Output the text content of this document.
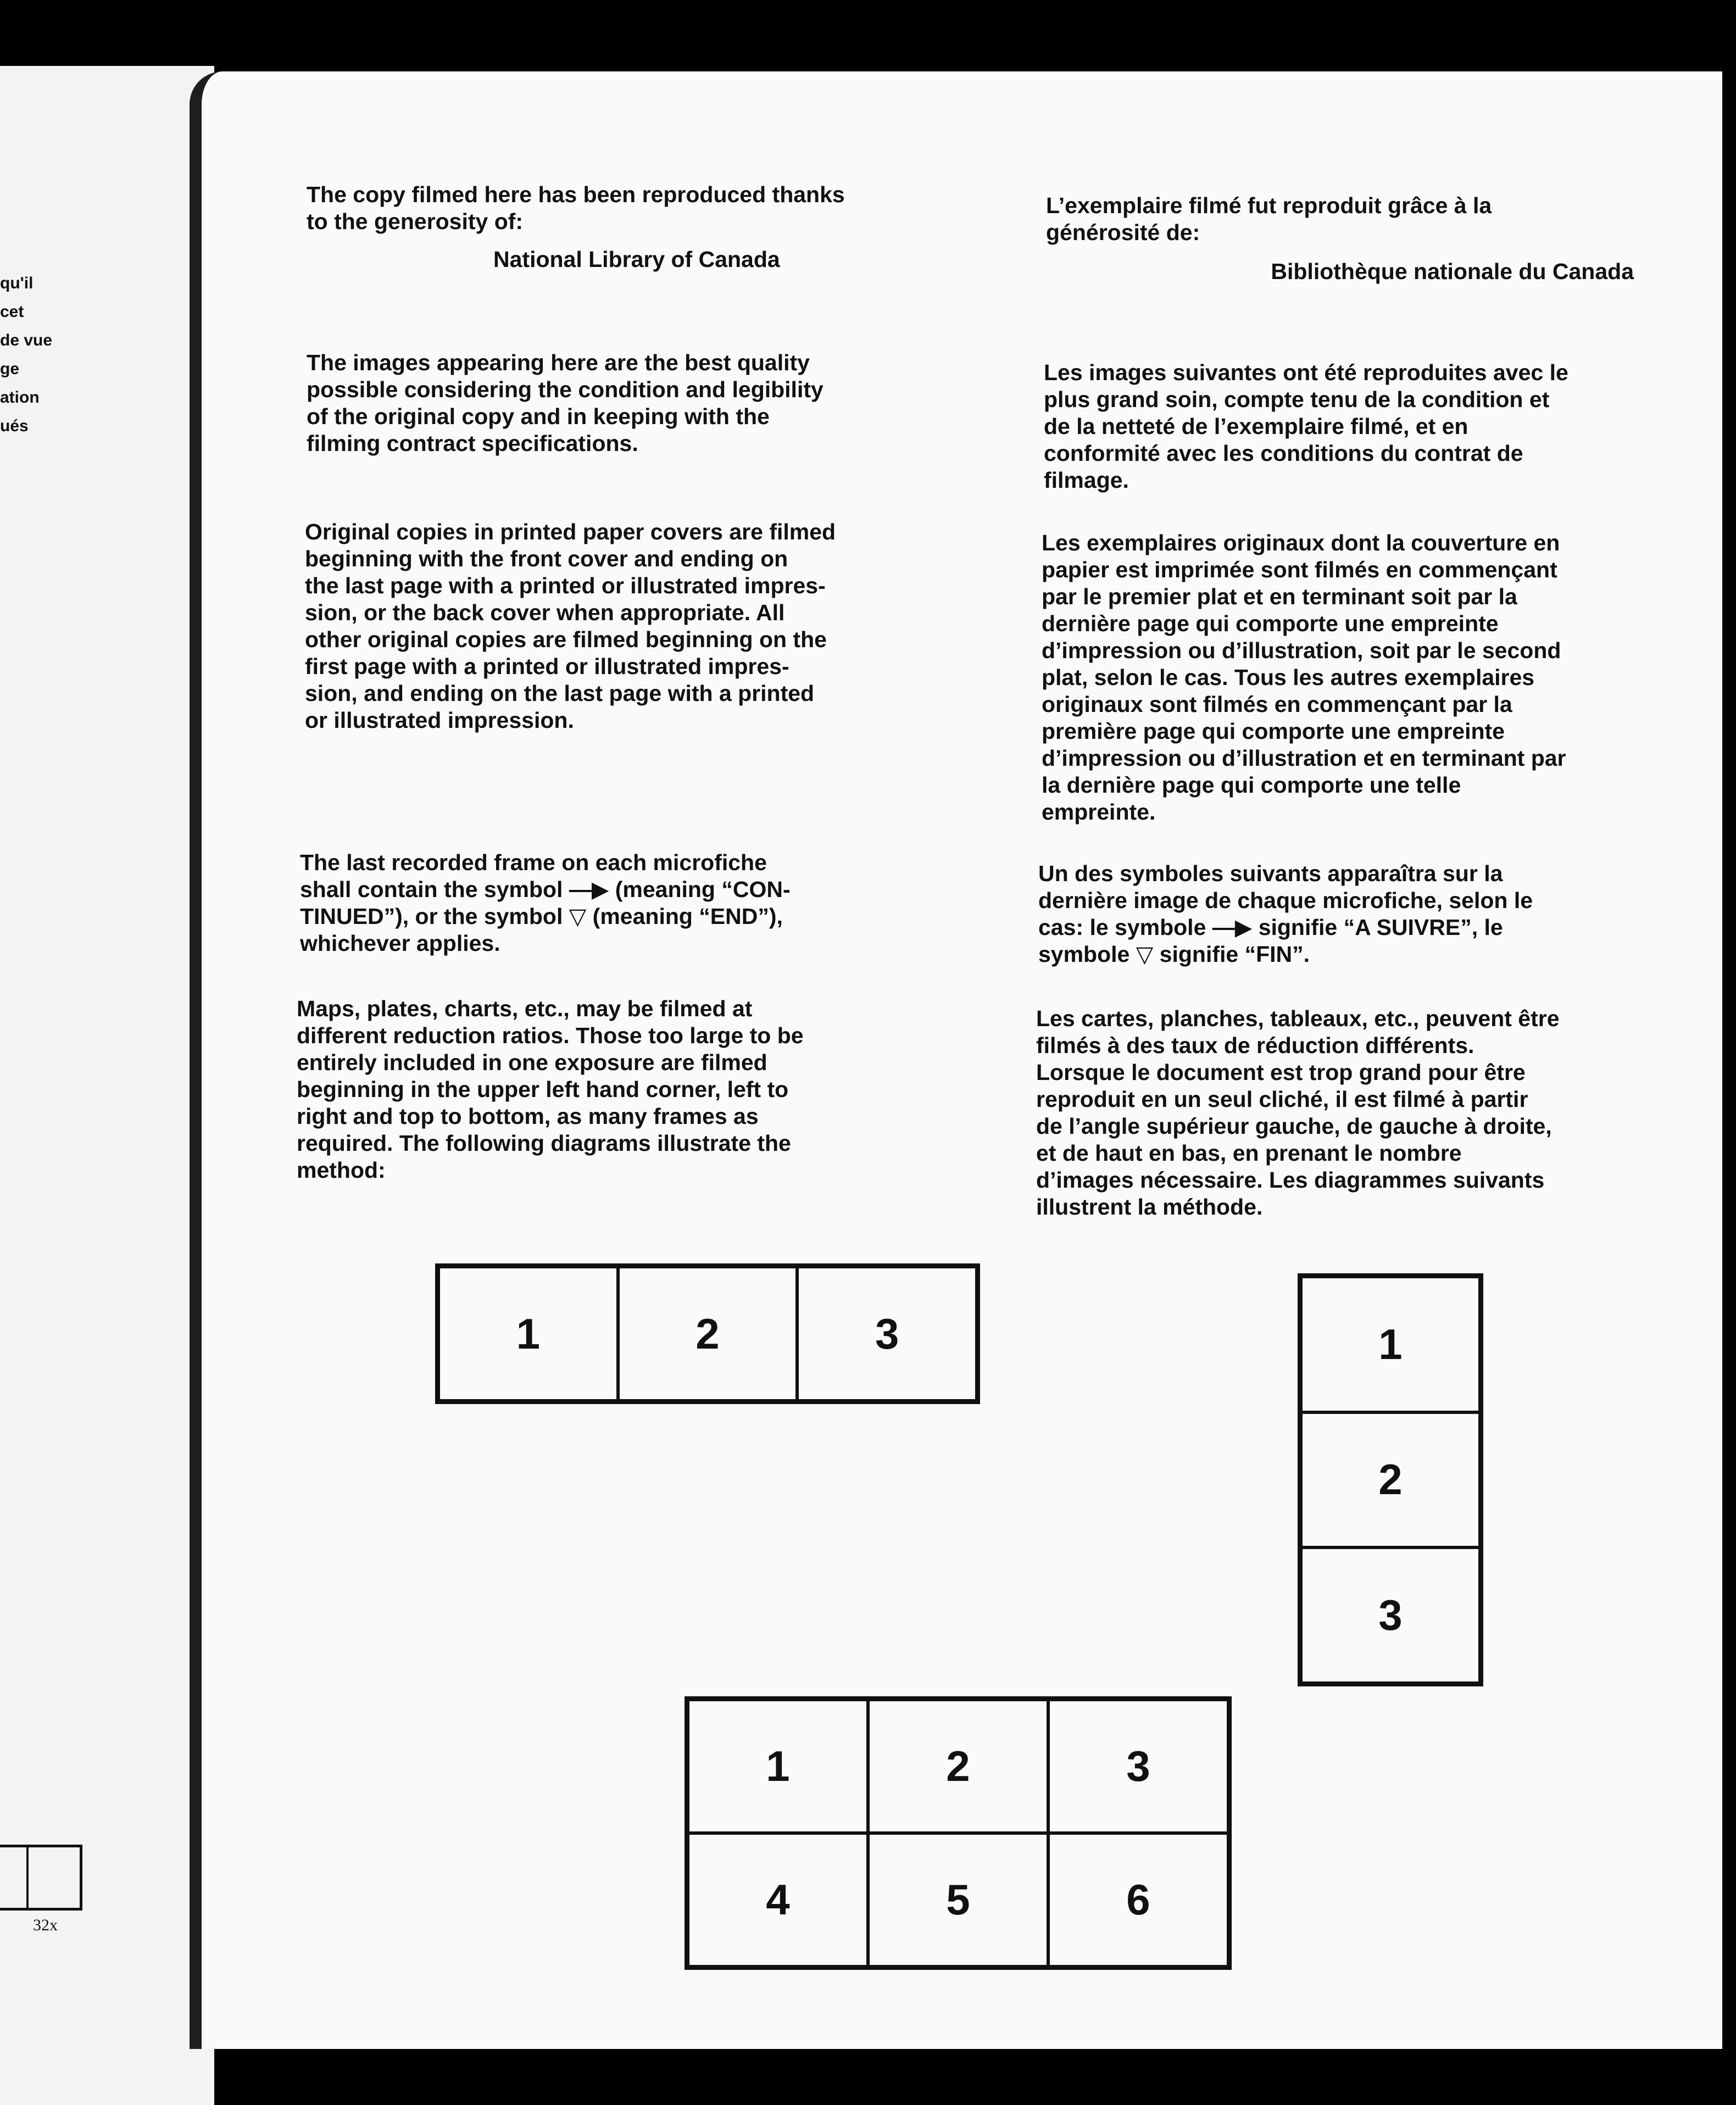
qu'il
cet
de vue
ge
ation
ués
32x

The copy filmed here has been reproduced thanks
to the generosity of:

National Library of Canada

The images appearing here are the best quality
possible considering the condition and legibility
of the original copy and in keeping with the
filming contract specifications.

Original copies in printed paper covers are filmed
beginning with the front cover and ending on
the last page with a printed or illustrated impres-
sion, or the back cover when appropriate. All
other original copies are filmed beginning on the
first page with a printed or illustrated impres-
sion, and ending on the last page with a printed
or illustrated impression.

The last recorded frame on each microfiche
shall contain the symbol —▶ (meaning “CON-
TINUED”), or the symbol ▽ (meaning “END”),
whichever applies.

Maps, plates, charts, etc., may be filmed at
different reduction ratios. Those too large to be
entirely included in one exposure are filmed
beginning in the upper left hand corner, left to
right and top to bottom, as many frames as
required. The following diagrams illustrate the
method:

L’exemplaire filmé fut reproduit grâce à la
générosité de:

Bibliothèque nationale du Canada

Les images suivantes ont été reproduites avec le
plus grand soin, compte tenu de la condition et
de la netteté de l’exemplaire filmé, et en
conformité avec les conditions du contrat de
filmage.

Les exemplaires originaux dont la couverture en
papier est imprimée sont filmés en commençant
par le premier plat et en terminant soit par la
dernière page qui comporte une empreinte
d’impression ou d’illustration, soit par le second
plat, selon le cas. Tous les autres exemplaires
originaux sont filmés en commençant par la
première page qui comporte une empreinte
d’impression ou d’illustration et en terminant par
la dernière page qui comporte une telle
empreinte.

Un des symboles suivants apparaîtra sur la
dernière image de chaque microfiche, selon le
cas: le symbole —▶ signifie “A SUIVRE”, le
symbole ▽ signifie “FIN”.

Les cartes, planches, tableaux, etc., peuvent être
filmés à des taux de réduction différents.
Lorsque le document est trop grand pour être
reproduit en un seul cliché, il est filmé à partir
de l’angle supérieur gauche, de gauche à droite,
et de haut en bas, en prenant le nombre
d’images nécessaire. Les diagrammes suivants
illustrent la méthode.

1	2	3	1
2
3
1	2	3
4	5	6
